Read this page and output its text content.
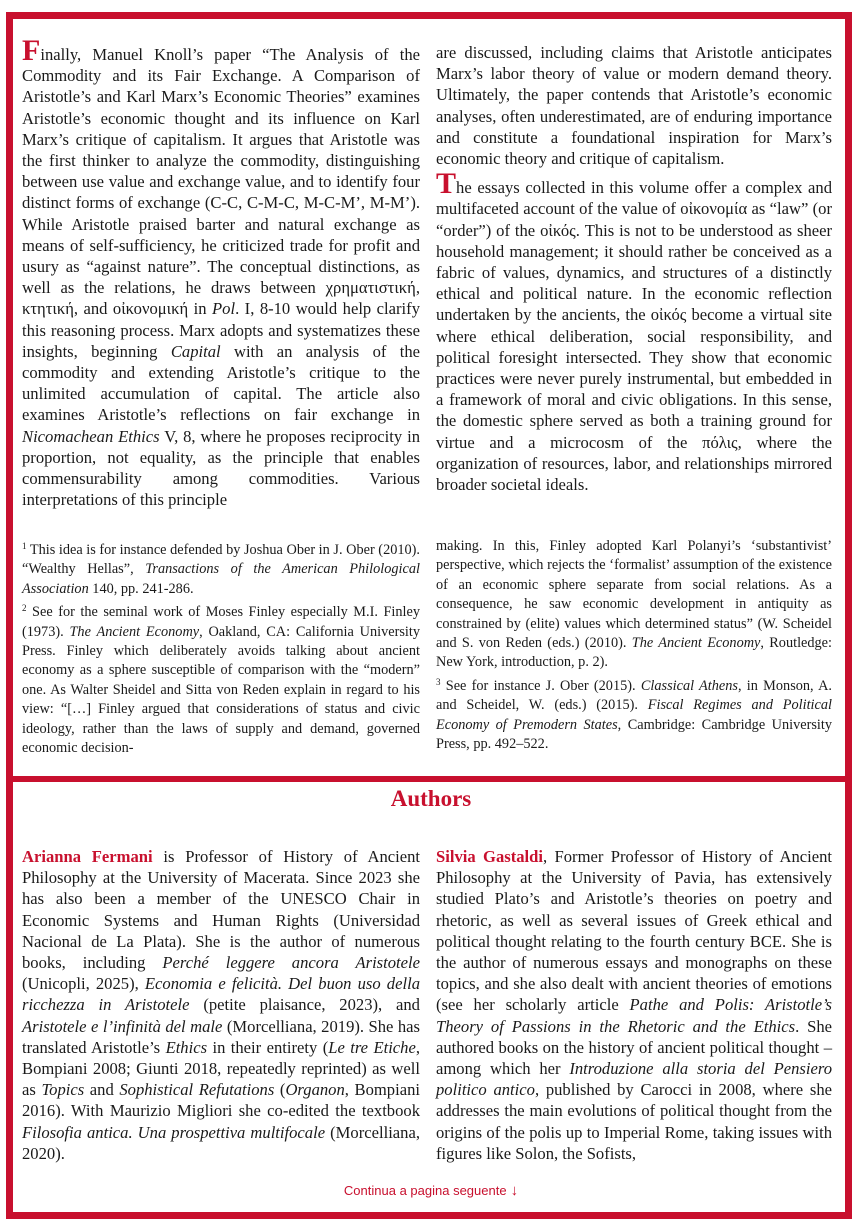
Finally, Manuel Knoll’s paper “The Analysis of the Commodity and its Fair Exchange. A Comparison of Aristotle’s and Karl Marx’s Economic Theories” examines Aristotle’s economic thought and its influence on Karl Marx’s critique of capitalism. It argues that Aristotle was the first thinker to analyze the commodity, distinguishing between use value and exchange value, and to identify four distinct forms of exchange (C-C, C-M-C, M-C-M’, M-M’). While Aristotle praised barter and natural exchange as means of self-sufficiency, he criticized trade for profit and usury as “against nature”. The conceptual distinctions, as well as the relations, he draws between χρηματιστική, κτητική, and οἰκονομική in Pol. I, 8-10 would help clarify this reasoning process. Marx adopts and systematizes these insights, beginning Capital with an analysis of the commodity and extending Aristotle’s critique to the unlimited accumulation of capital. The article also examines Aristotle’s reflections on fair exchange in Nicomachean Ethics V, 8, where he proposes reciprocity in proportion, not equality, as the principle that enables commensurability among commodities. Various interpretations of this principle

are discussed, including claims that Aristotle anticipates Marx’s labor theory of value or modern demand theory. Ultimately, the paper contends that Aristotle’s economic analyses, often underestimated, are of enduring importance and constitute a foundational inspiration for Marx’s economic theory and critique of capitalism.

The essays collected in this volume offer a complex and multifaceted account of the value of οἰκονομία as “law” (or “order”) of the οἰκός. This is not to be understood as sheer household management; it should rather be conceived as a fabric of values, dynamics, and structures of a distinctly ethical and political nature. In the economic reflection undertaken by the ancients, the οἰκός become a virtual site where ethical deliberation, social responsibility, and political foresight intersected. They show that economic practices were never purely instrumental, but embedded in a framework of moral and civic obligations. In this sense, the domestic sphere served as both a training ground for virtue and a microcosm of the πόλις, where the organization of resources, labor, and relationships mirrored broader societal ideals.

$^1$ This idea is for instance defended by Joshua Ober in J. Ober (2010). “Wealthy Hellas”, Transactions of the American Philological Association 140, pp. 241-286.

$^2$ See for the seminal work of Moses Finley especially M.I. Finley (1973). The Ancient Economy, Oakland, CA: California University Press. Finley which deliberately avoids talking about ancient economy as a sphere susceptible of comparison with the “modern” one. As Walter Sheidel and Sitta von Reden explain in regard to his view: “[…] Finley argued that considerations of status and civic ideology, rather than the laws of supply and demand, governed economic decision-

making. In this, Finley adopted Karl Polanyi’s ‘substantivist’ perspective, which rejects the ‘formalist’ assumption of the existence of an economic sphere separate from social relations. As a consequence, he saw economic development in antiquity as constrained by (elite) values which determined status” (W. Scheidel and S. von Reden (eds.) (2010). The Ancient Economy, Routledge: New York, introduction, p. 2).

$^3$ See for instance J. Ober (2015). Classical Athens, in Monson, A. and Scheidel, W. (eds.) (2015). Fiscal Regimes and Political Economy of Premodern States, Cambridge: Cambridge University Press, pp. 492–522.

Authors

Arianna Fermani is Professor of History of Ancient Philosophy at the University of Macerata. Since 2023 she has also been a member of the UNESCO Chair in Economic Systems and Human Rights (Universidad Nacional de La Plata). She is the author of numerous books, including Perché leggere ancora Aristotele (Unicopli, 2025), Economia e felicità. Del buon uso della ricchezza in Aristotele (petite plaisance, 2023), and Aristotele e l’infinità del male (Morcelliana, 2019). She has translated Aristotle’s Ethics in their entirety (Le tre Etiche, Bompiani 2008; Giunti 2018, repeatedly reprinted) as well as Topics and Sophistical Refutations (Organon, Bompiani 2016). With Maurizio Migliori she co-edited the textbook Filosofia antica. Una prospettiva multifocale (Morcelliana, 2020).

Silvia Gastaldi, Former Professor of History of Ancient Philosophy at the University of Pavia, has extensively studied Plato’s and Aristotle’s theories on poetry and rhetoric, as well as several issues of Greek ethical and political thought relating to the fourth century BCE. She is the author of numerous essays and monographs on these topics, and she also dealt with ancient theories of emotions (see her scholarly article Pathe and Polis: Aristotle’s Theory of Passions in the Rhetoric and the Ethics. She authored books on the history of ancient political thought – among which her Introduzione alla storia del Pensiero politico antico, published by Carocci in 2008, where she addresses the main evolutions of political thought from the origins of the polis up to Imperial Rome, taking issues with figures like Solon, the Sofists,

Continua a pagina seguente ↓
